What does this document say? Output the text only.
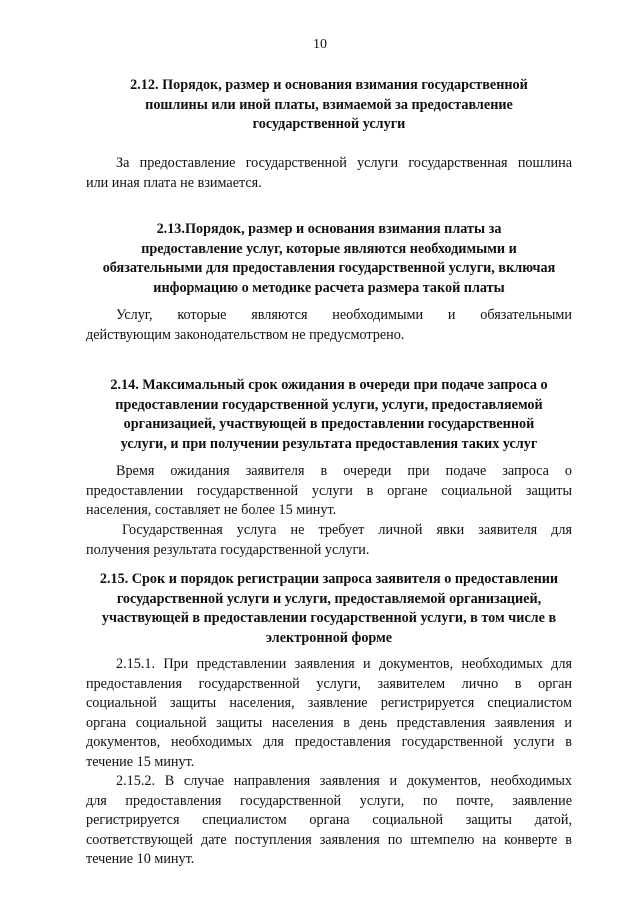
10
2.12. Порядок, размер и основания взимания государственной
пошлины или иной платы, взимаемой за предоставление
государственной услуги
За предоставление государственной услуги государственная пошлина
или иная плата не взимается.
2.13.Порядок, размер и основания взимания платы за
предоставление услуг, которые являются необходимыми и
обязательными для предоставления государственной услуги, включая
информацию о методике расчета размера такой платы
Услуг, которые являются необходимыми и обязательными
действующим законодательством не предусмотрено.
2.14. Максимальный срок ожидания в очереди при подаче запроса о
предоставлении государственной услуги, услуги, предоставляемой
организацией, участвующей в предоставлении государственной
услуги, и при получении результата предоставления таких услуг
Время ожидания заявителя в очереди при подаче запроса о
предоставлении государственной услуги в органе социальной защиты
населения, составляет не более 15 минут.
Государственная услуга не требует личной явки заявителя для
получения результата государственной услуги.
2.15. Срок и порядок регистрации запроса заявителя о предоставлении
государственной услуги и услуги, предоставляемой организацией,
участвующей в предоставлении государственной услуги, в том числе в
электронной форме
2.15.1. При представлении заявления и документов, необходимых для
предоставления государственной услуги, заявителем лично в орган
социальной защиты населения, заявление регистрируется специалистом
органа социальной защиты населения в день представления заявления и
документов, необходимых для предоставления государственной услуги в
течение 15 минут.
2.15.2. В случае направления заявления и документов, необходимых
для предоставления государственной услуги, по почте, заявление
регистрируется специалистом органа социальной защиты датой,
соответствующей дате поступления заявления по штемпелю на конверте в
течение 10 минут.
